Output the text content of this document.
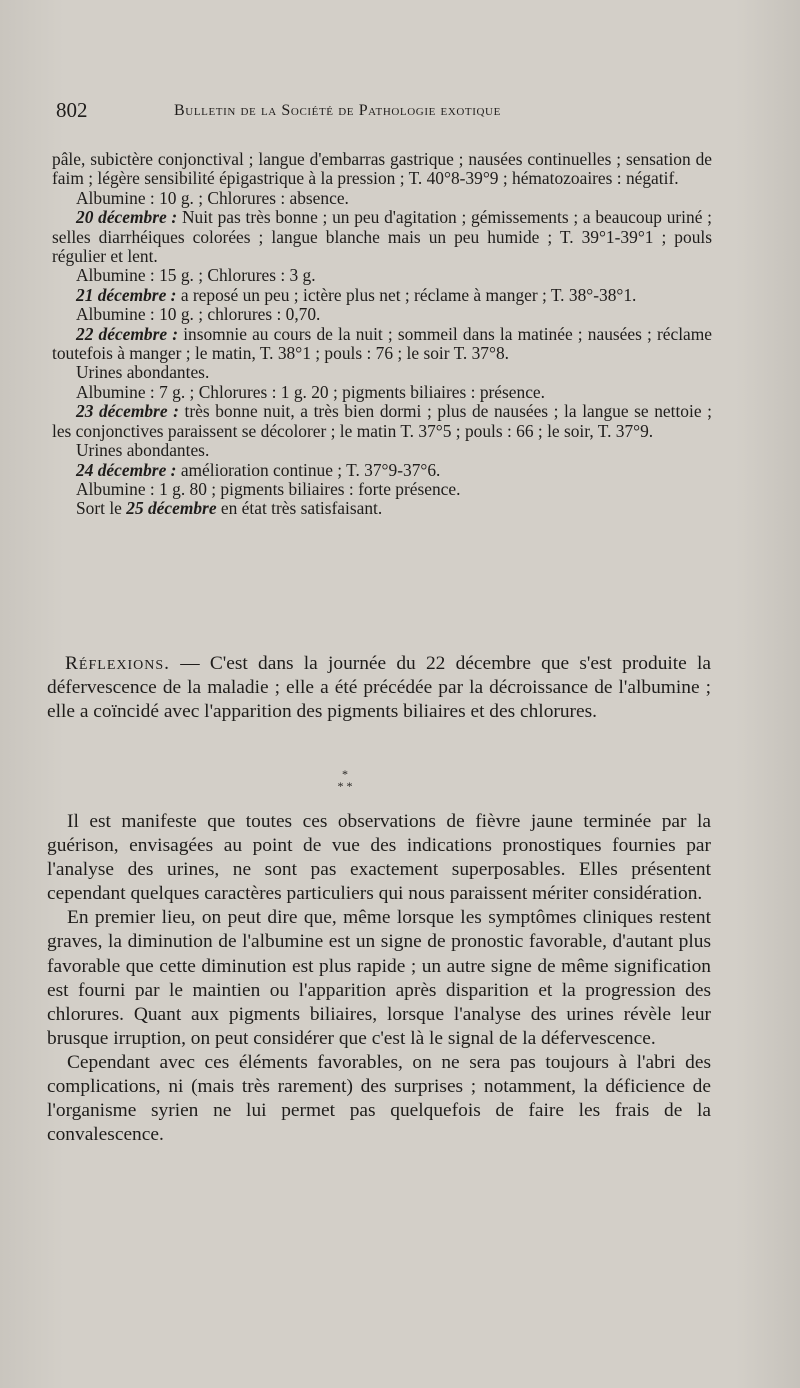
802	Bulletin de la Société de Pathologie exotique

pâle, subictère conjonctival ; langue d'embarras gastrique ; nausées continuelles ; sensation de faim ; légère sensibilité épigastrique à la pression ; T. 40°8-39°9 ; hématozoaires : négatif.

Albumine : 10 g. ; Chlorures : absence.

20 décembre : Nuit pas très bonne ; un peu d'agitation ; gémissements ; a beaucoup uriné ; selles diarrhéiques colorées ; langue blanche mais un peu humide ; T. 39°1-39°1 ; pouls régulier et lent.

Albumine : 15 g. ; Chlorures : 3 g.

21 décembre : a reposé un peu ; ictère plus net ; réclame à manger ; T. 38°-38°1.

Albumine : 10 g. ; chlorures : 0,70.

22 décembre : insomnie au cours de la nuit ; sommeil dans la matinée ; nausées ; réclame toutefois à manger ; le matin, T. 38°1 ; pouls : 76 ; le soir T. 37°8.

Urines abondantes.

Albumine : 7 g. ; Chlorures : 1 g. 20 ; pigments biliaires : présence.

23 décembre : très bonne nuit, a très bien dormi ; plus de nausées ; la langue se nettoie ; les conjonctives paraissent se décolorer ; le matin T. 37°5 ; pouls : 66 ; le soir, T. 37°9.

Urines abondantes.

24 décembre : amélioration continue ; T. 37°9-37°6.

Albumine : 1 g. 80 ; pigments biliaires : forte présence.

Sort le 25 décembre en état très satisfaisant.

Réflexions. — C'est dans la journée du 22 décembre que s'est produite la défervescence de la maladie ; elle a été précédée par la décroissance de l'albumine ; elle a coïncidé avec l'apparition des pigments biliaires et des chlorures.

*
* *

Il est manifeste que toutes ces observations de fièvre jaune terminée par la guérison, envisagées au point de vue des indications pronostiques fournies par l'analyse des urines, ne sont pas exactement superposables. Elles présentent cependant quelques caractères particuliers qui nous paraissent mériter considération.

En premier lieu, on peut dire que, même lorsque les symptômes cliniques restent graves, la diminution de l'albumine est un signe de pronostic favorable, d'autant plus favorable que cette diminution est plus rapide ; un autre signe de même signification est fourni par le maintien ou l'apparition après disparition et la progression des chlorures. Quant aux pigments biliaires, lorsque l'analyse des urines révèle leur brusque irruption, on peut considérer que c'est là le signal de la défervescence.

Cependant avec ces éléments favorables, on ne sera pas toujours à l'abri des complications, ni (mais très rarement) des surprises ; notamment, la déficience de l'organisme syrien ne lui permet pas quelquefois de faire les frais de la convalescence.
